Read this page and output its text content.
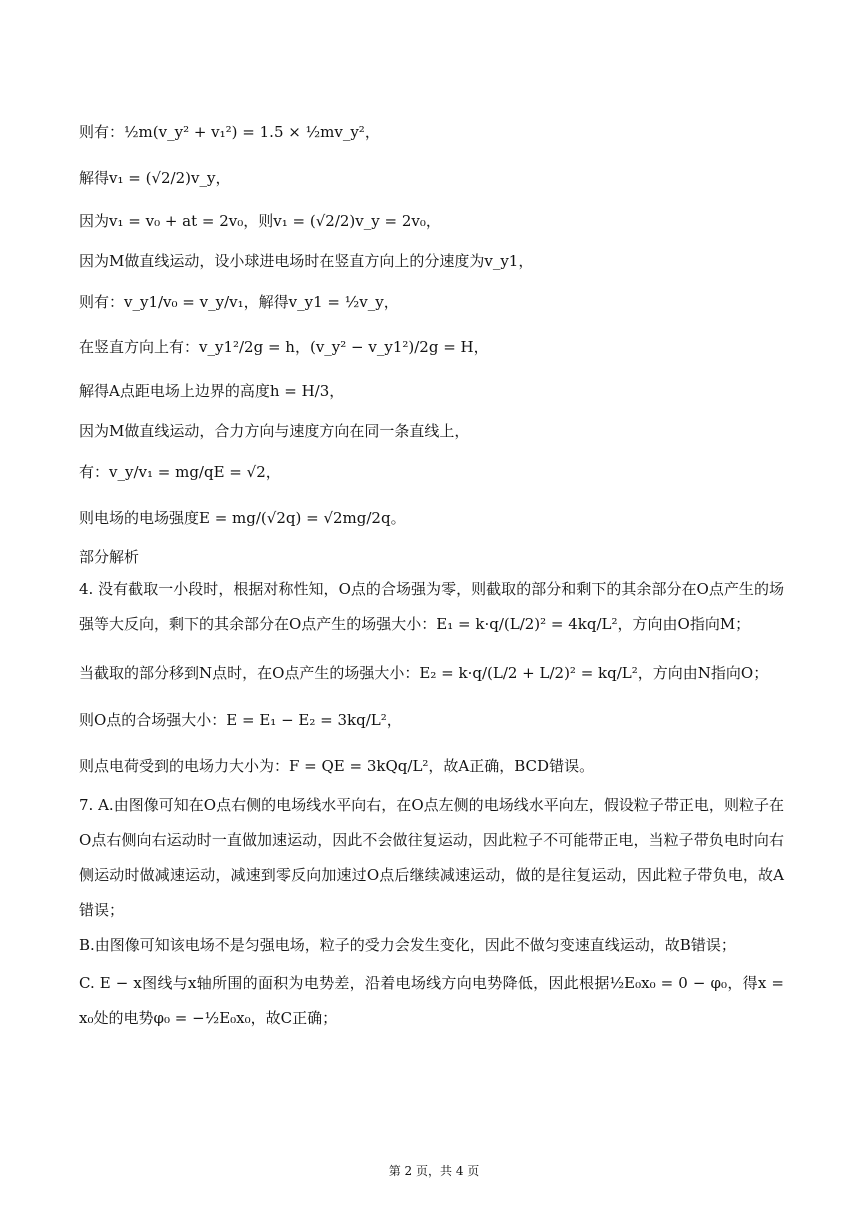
则有：½m(v_y² + v₁²) = 1.5 × ½mv_y²，
解得v₁ = (√2/2)v_y，
因为v₁ = v₀ + at = 2v₀，则v₁ = (√2/2)v_y = 2v₀，
因为M做直线运动，设小球进电场时在竖直方向上的分速度为v_y1，
则有：v_y1/v₀ = v_y/v₁，解得v_y1 = ½v_y，
在竖直方向上有：v_y1²/2g = h，(v_y² − v_y1²)/2g = H，
解得A点距电场上边界的高度h = H/3，
因为M做直线运动，合力方向与速度方向在同一条直线上，
有：v_y/v₁ = mg/qE = √2，
则电场的电场强度E = mg/(√2q) = √2mg/2q。
部分解析
4. 没有截取一小段时，根据对称性知，O点的合场强为零，则截取的部分和剩下的其余部分在O点产生的场强等大反向，剩下的其余部分在O点产生的场强大小：E₁ = k·q/(L/2)² = 4kq/L²，方向由O指向M；
当截取的部分移到N点时，在O点产生的场强大小：E₂ = k·q/(L/2 + L/2)² = kq/L²，方向由N指向O；
则O点的合场强大小：E = E₁ − E₂ = 3kq/L²，
则点电荷受到的电场力大小为：F = QE = 3kQq/L²，故A正确，BCD错误。
7. A.由图像可知在O点右侧的电场线水平向右，在O点左侧的电场线水平向左，假设粒子带正电，则粒子在O点右侧向右运动时一直做加速运动，因此不会做往复运动，因此粒子不可能带正电，当粒子带负电时向右侧运动时做减速运动，减速到零反向加速过O点后继续减速运动，做的是往复运动，因此粒子带负电，故A错误；
B.由图像可知该电场不是匀强电场，粒子的受力会发生变化，因此不做匀变速直线运动，故B错误；
C. E − x图线与x轴所围的面积为电势差，沿着电场线方向电势降低，因此根据½E₀x₀ = 0 − φ₀，得x = x₀处的电势φ₀ = −½E₀x₀，故C正确；
第 2 页，共 4 页
